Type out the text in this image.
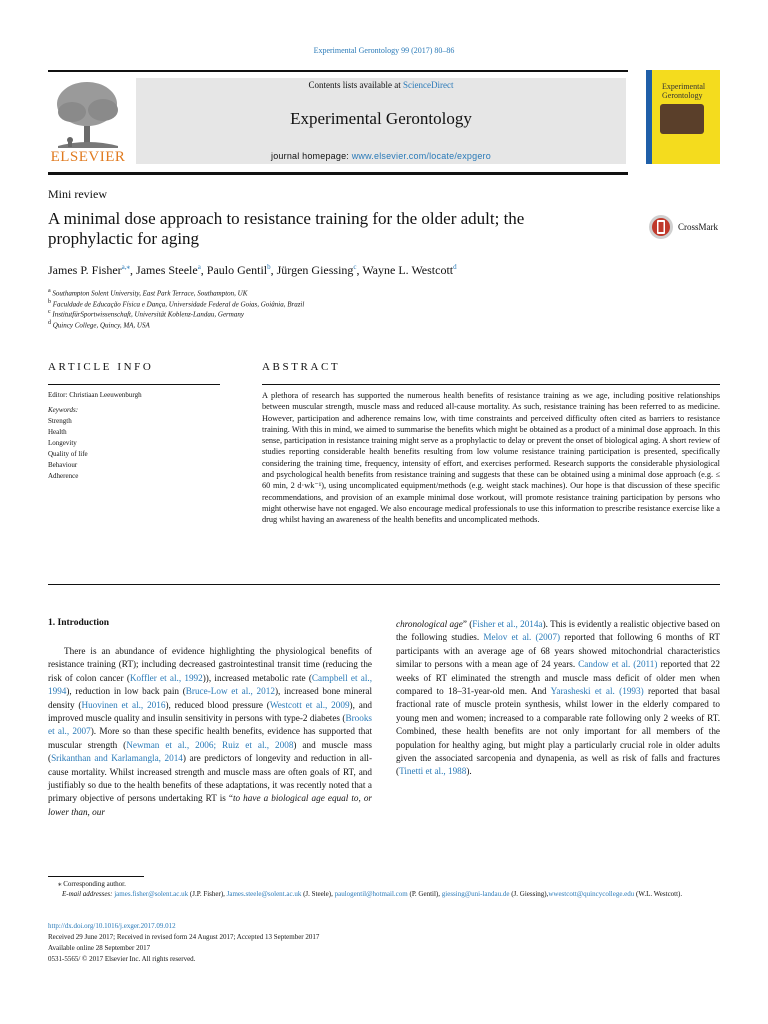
Experimental Gerontology 99 (2017) 80–86
ELSEVIER
Contents lists available at ScienceDirect
Experimental Gerontology
journal homepage: www.elsevier.com/locate/expgero
Experimental
Gerontology
Mini review
A minimal dose approach to resistance training for the older adult; the prophylactic for aging
CrossMark
James P. Fisher$^{a,⁎}$, James Steele$^a$, Paulo Gentil$^b$, Jürgen Giessing$^c$, Wayne L. Westcott$^d$
$^a$ Southampton Solent University, East Park Terrace, Southampton, UK
$^b$ Faculdade de Educação Física e Dança, Universidade Federal de Goias, Goiânia, Brazil
$^c$ InstitutfürSportwissenschaft, Universität Koblenz-Landau, Germany
$^d$ Quincy College, Quincy, MA, USA
ARTICLE INFO	ABSTRACT
Editor: Christiaan Leeuwenburgh
Keywords:
Strength
Health
Longevity
Quality of life
Behaviour
Adherence
A plethora of research has supported the numerous health benefits of resistance training as we age, including positive relationships between muscular strength, muscle mass and reduced all-cause mortality. As such, resistance training has been referred to as medicine. However, participation and adherence remains low, with time constraints and perceived difficulty often cited as barriers to resistance training. With this in mind, we aimed to summarise the benefits which might be obtained as a product of a minimal dose approach. In this sense, participation in resistance training might serve as a prophylactic to delay or prevent the onset of biological aging. A short review of studies reporting considerable health benefits resulting from low volume resistance training participation is presented, specifically considering the training time, frequency, intensity of effort, and exercises performed. Research supports the considerable physiological and psychological health benefits from resistance training and suggests that these can be obtained using a minimal dose approach (e.g. ≤ 60 min, 2 d·wk⁻¹), using uncomplicated equipment/methods (e.g. weight stack machines). Our hope is that discussion of these specific recommendations, and provision of an example minimal dose workout, will promote resistance training participation by persons who might otherwise have not engaged. We also encourage medical professionals to use this information to prescribe resistance exercise like a drug whilst having an awareness of the health benefits and uncomplicated methods.
1. Introduction
There is an abundance of evidence highlighting the physiological benefits of resistance training (RT); including decreased gastrointestinal transit time (reducing the risk of colon cancer (Koffler et al., 1992)), increased metabolic rate (Campbell et al., 1994), reduction in low back pain (Bruce-Low et al., 2012), increased bone mineral density (Huovinen et al., 2016), reduced blood pressure (Westcott et al., 2009), and improved muscle quality and insulin sensitivity in persons with type-2 diabetes (Brooks et al., 2007). More so than these specific health benefits, evidence has supported that muscular strength (Newman et al., 2006; Ruiz et al., 2008) and muscle mass (Srikanthan and Karlamangla, 2014) are predictors of longevity and reduction in all-cause mortality. Whilst increased strength and muscle mass are often goals of RT, and justifiably so due to the health benefits of these adaptations, it was recently noted that a primary objective of persons undertaking RT is “to have a biological age equal to, or lower than, our
chronological age” (Fisher et al., 2014a). This is evidently a realistic objective based on the following studies. Melov et al. (2007) reported that following 6 months of RT participants with an average age of 68 years showed mitochondrial characteristics similar to persons with a mean age of 24 years. Candow et al. (2011) reported that 22 weeks of RT eliminated the strength and muscle mass deficit of older men when compared to 18–31-year-old men. And Yarasheski et al. (1993) reported that basal fractional rate of muscle protein synthesis, whilst lower in the elderly compared to young men and women; increased to a comparable rate following only 2 weeks of RT. Combined, these health benefits are not only important for all members of the population for healthy aging, but might play a particularly crucial role in older adults given the associated sarcopenia and dynapenia, as well as risk of falls and fractures (Tinetti et al., 1988).
⁎ Corresponding author.
E-mail addresses: james.fisher@solent.ac.uk (J.P. Fisher), James.steele@solent.ac.uk (J. Steele), paulogentil@hotmail.com (P. Gentil), giessing@uni-landau.de (J. Giessing),wwestcott@quincycollege.edu (W.L. Westcott).
http://dx.doi.org/10.1016/j.exger.2017.09.012
Received 29 June 2017; Received in revised form 24 August 2017; Accepted 13 September 2017
Available online 28 September 2017
0531-5565/ © 2017 Elsevier Inc. All rights reserved.
